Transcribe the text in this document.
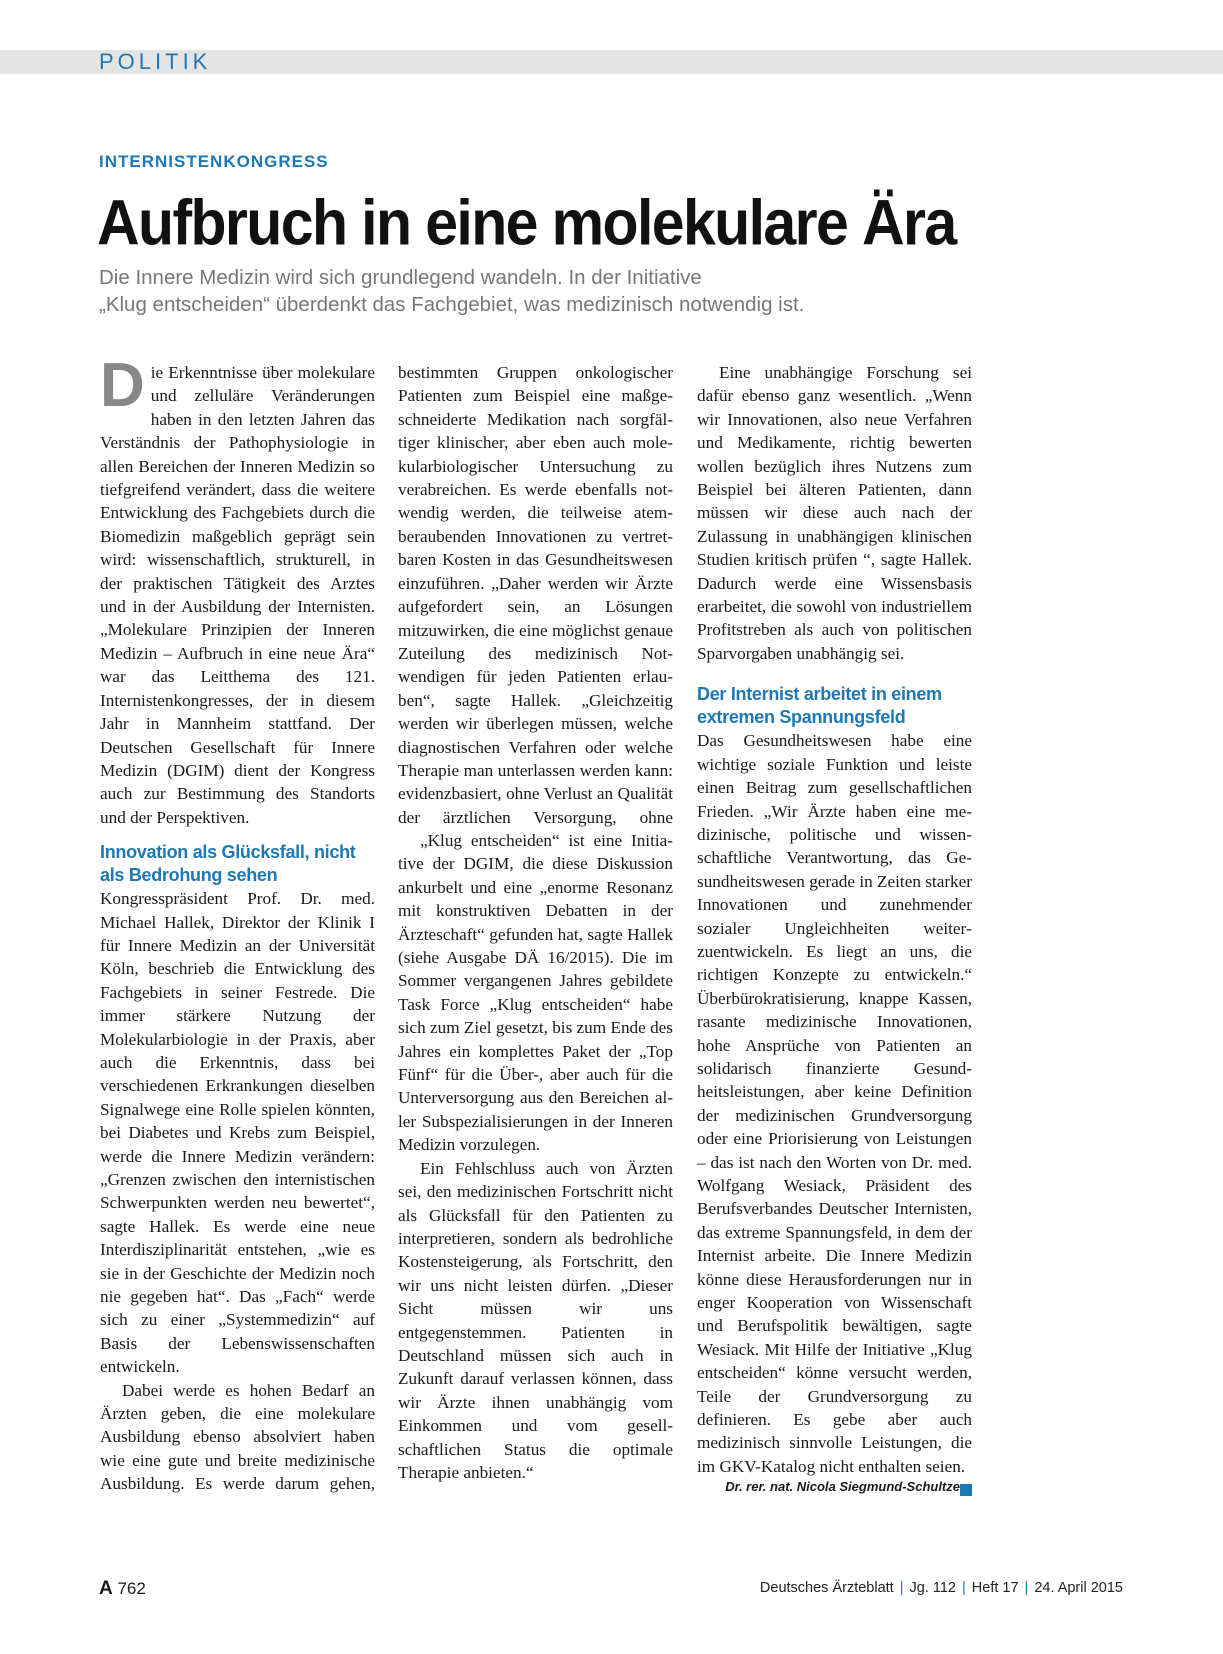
POLITIK

INTERNISTENKONGRESS

Aufbruch in eine molekulare Ära
Die Innere Medizin wird sich grundlegend wandeln. In der Initiative
„Klug entscheiden“ überdenkt das Fachgebiet, was medizinisch notwendig ist.

Die Erkenntnisse über molekulare und zelluläre Veränderungen haben in den letzten Jahren das Verständnis der Pathophysiologie in allen Bereichen der Inneren Medizin so tiefgreifend verändert, dass die weitere Entwicklung des Fachgebiets durch die Biomedizin maßgeblich geprägt sein wird: wissenschaftlich, strukturell, in der praktischen Tätigkeit des Arztes und in der Ausbildung der Internisten. „Molekulare Prinzipien der Inneren Medizin – Aufbruch in eine neue Ära“ war das Leitthema des 121. Internistenkongresses, der in diesem Jahr in Mannheim stattfand. Der Deutschen Gesellschaft für Innere Medizin (DGIM) dient der Kongress auch zur Bestimmung des Standorts und der Perspektiven.

Innovation als Glücksfall, nicht als Bedrohung sehen

Kongresspräsident Prof. Dr. med. Michael Hallek, Direktor der Klinik I für Innere Medizin an der Universität Köln, beschrieb die Entwicklung des Fachgebiets in seiner Festrede. Die immer stärkere Nutzung der Molekularbiologie in der Praxis, aber auch die Erkenntnis, dass bei verschiedenen Erkrankungen dieselben Signalwege eine Rolle spielen könnten, bei Diabetes und Krebs zum Beispiel, werde die Innere Medizin verändern: „Grenzen zwischen den internistischen Schwerpunkten werden neu bewertet“, sagte Hallek. Es werde eine neue Interdisziplinarität entstehen, „wie es sie in der Geschichte der Medizin noch nie gegeben hat“. Das „Fach“ werde sich zu einer „Systemmedizin“ auf Basis der Lebenswissenschaften entwickeln.

Dabei werde es hohen Bedarf an Ärzten geben, die eine molekulare Ausbildung ebenso absolviert haben wie eine gute und breite medizinische Ausbildung. Es werde darum gehen,

bestimmten Gruppen onkologischer Patienten zum Beispiel eine maßgeschneiderte Medikation nach sorgfältiger klinischer, aber eben auch molekularbiologischer Untersuchung zu verabreichen. Es werde ebenfalls notwendig werden, die teilweise atemberaubenden Innovationen zu vertretbaren Kosten in das Gesundheitswesen einzuführen. „Daher werden wir Ärzte aufgefordert sein, an Lösungen mitzuwirken, die eine möglichst genaue Zuteilung des medizinisch Notwendigen für jeden Patienten erlauben“, sagte Hallek. „Gleichzeitig werden wir überlegen müssen, welche diagnostischen Verfahren oder welche Therapie man unterlassen werden kann: evidenzbasiert, ohne Verlust an Qualität der ärztlichen Versorgung, ohne

„Klug entscheiden“ ist eine Initiative der DGIM, die diese Diskussion ankurbelt und eine „enorme Resonanz mit konstruktiven Debatten in der Ärzteschaft“ gefunden hat, sagte Hallek (siehe Ausgabe DÄ 16/2015). Die im Sommer vergangenen Jahres gebildete Task Force „Klug entscheiden“ habe sich zum Ziel gesetzt, bis zum Ende des Jahres ein komplettes Paket der „Top Fünf“ für die Über-, aber auch für die Unterversorgung aus den Bereichen aller Subspezialisierungen in der Inneren Medizin vorzulegen.

Ein Fehlschluss auch von Ärzten sei, den medizinischen Fortschritt nicht als Glücksfall für den Patienten zu interpretieren, sondern als bedrohliche Kostensteigerung, als Fortschritt, den wir uns nicht leisten dürfen. „Dieser Sicht müssen wir uns entgegenstemmen. Patienten in Deutschland müssen sich auch in Zukunft darauf verlassen können, dass wir Ärzte ihnen unabhängig vom Einkommen und vom gesellschaftlichen Status die optimale Therapie anbieten.“

Eine unabhängige Forschung sei dafür ebenso ganz wesentlich. „Wenn wir Innovationen, also neue Verfahren und Medikamente, richtig bewerten wollen bezüglich ihres Nutzens zum Beispiel bei älteren Patienten, dann müssen wir diese auch nach der Zulassung in unabhängigen klinischen Studien kritisch prüfen “, sagte Hallek. Dadurch werde eine Wissensbasis erarbeitet, die sowohl von industriellem Profitstreben als auch von politischen Sparvorgaben unabhängig sei.

Der Internist arbeitet in einem extremen Spannungsfeld

Das Gesundheitswesen habe eine wichtige soziale Funktion und leiste einen Beitrag zum gesellschaftlichen Frieden. „Wir Ärzte haben eine medizinische, politische und wissenschaftliche Verantwortung, das Gesundheitswesen gerade in Zeiten starker Innovationen und zunehmender sozialer Ungleichheiten weiterzuentwickeln. Es liegt an uns, die richtigen Konzepte zu entwickeln.“ Überbürokratisierung, knappe Kassen, rasante medizinische Innovationen, hohe Ansprüche von Patienten an solidarisch finanzierte Gesundheitsleistungen, aber keine Definition der medizinischen Grundversorgung oder eine Priorisierung von Leistungen – das ist nach den Worten von Dr. med. Wolfgang Wesiack, Präsident des Berufsverbandes Deutscher Internisten, das extreme Spannungsfeld, in dem der Internist arbeite. Die Innere Medizin könne diese Herausforderungen nur in enger Kooperation von Wissenschaft und Berufspolitik bewältigen, sagte Wesiack. Mit Hilfe der Initiative „Klug entscheiden“ könne versucht werden, Teile der Grundversorgung zu definieren. Es gebe aber auch medizinisch sinnvolle Leistungen, die im GKV-Katalog nicht enthalten seien.

Dr. rer. nat. Nicola Siegmund-Schultze

A 762	Deutsches Ärzteblatt | Jg. 112 | Heft 17 | 24. April 2015
